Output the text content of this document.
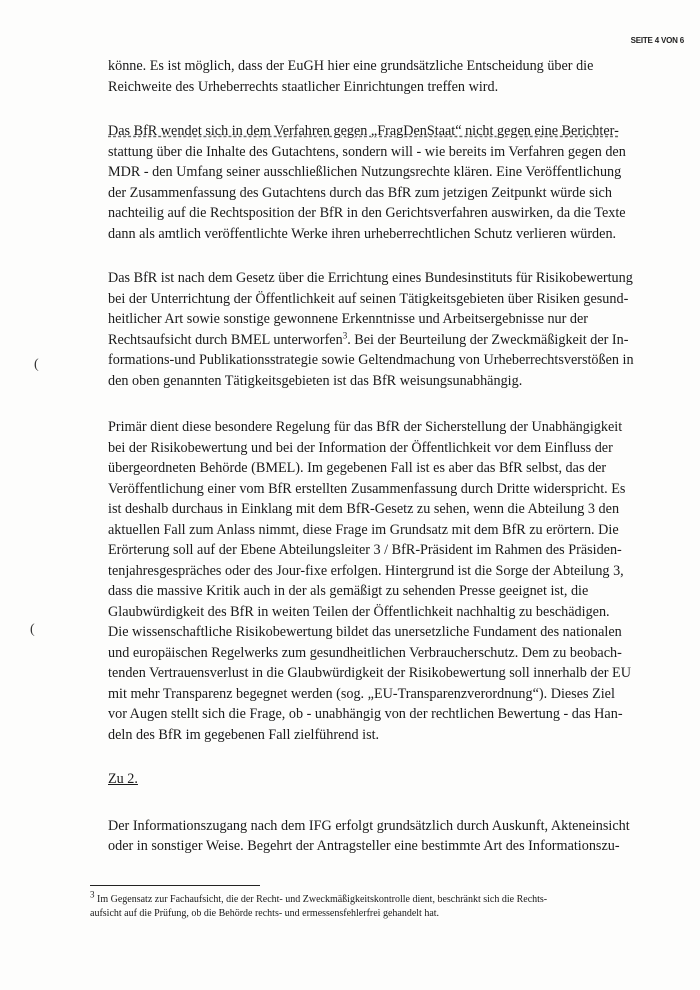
SEITE 4 VON 6
(
(
könne. Es ist möglich, dass der EuGH hier eine grundsätzliche Entscheidung über die
Reichweite des Urheberrechts staatlicher Einrichtungen treffen wird.
Das BfR wendet sich in dem Verfahren gegen „FragDenStaat“ nicht gegen eine Berichter-
stattung über die Inhalte des Gutachtens, sondern will - wie bereits im Verfahren gegen den
MDR - den Umfang seiner ausschließlichen Nutzungsrechte klären. Eine Veröffentlichung
der Zusammenfassung des Gutachtens durch das BfR zum jetzigen Zeitpunkt würde sich
nachteilig auf die Rechtsposition der BfR in den Gerichtsverfahren auswirken, da die Texte
dann als amtlich veröffentlichte Werke ihren urheberrechtlichen Schutz verlieren würden.
Das BfR ist nach dem Gesetz über die Errichtung eines Bundesinstituts für Risikobewertung
bei der Unterrichtung der Öffentlichkeit auf seinen Tätigkeitsgebieten über Risiken gesund-
heitlicher Art sowie sonstige gewonnene Erkenntnisse und Arbeitsergebnisse nur der
Rechtsaufsicht durch BMEL unterworfen$^3$. Bei der Beurteilung der Zweckmäßigkeit der In-
formations-und Publikationsstrategie sowie Geltendmachung von Urheberrechtsverstößen in
den oben genannten Tätigkeitsgebieten ist das BfR weisungsunabhängig.
Primär dient diese besondere Regelung für das BfR der Sicherstellung der Unabhängigkeit
bei der Risikobewertung und bei der Information der Öffentlichkeit vor dem Einfluss der
übergeordneten Behörde (BMEL). Im gegebenen Fall ist es aber das BfR selbst, das der
Veröffentlichung einer vom BfR erstellten Zusammenfassung durch Dritte widerspricht. Es
ist deshalb durchaus in Einklang mit dem BfR-Gesetz zu sehen, wenn die Abteilung 3 den
aktuellen Fall zum Anlass nimmt, diese Frage im Grundsatz mit dem BfR zu erörtern. Die
Erörterung soll auf der Ebene Abteilungsleiter 3 / BfR-Präsident im Rahmen des Präsiden-
tenjahresgespräches oder des Jour-fixe erfolgen. Hintergrund ist die Sorge der Abteilung 3,
dass die massive Kritik auch in der als gemäßigt zu sehenden Presse geeignet ist, die
Glaubwürdigkeit des BfR in weiten Teilen der Öffentlichkeit nachhaltig zu beschädigen.
Die wissenschaftliche Risikobewertung bildet das unersetzliche Fundament des nationalen
und europäischen Regelwerks zum gesundheitlichen Verbraucherschutz. Dem zu beobach-
tenden Vertrauensverlust in die Glaubwürdigkeit der Risikobewertung soll innerhalb der EU
mit mehr Transparenz begegnet werden (sog. „EU-Transparenzverordnung“). Dieses Ziel
vor Augen stellt sich die Frage, ob - unabhängig von der rechtlichen Bewertung - das Han-
deln des BfR im gegebenen Fall zielführend ist.
Zu 2.
Der Informationszugang nach dem IFG erfolgt grundsätzlich durch Auskunft, Akteneinsicht
oder in sonstiger Weise. Begehrt der Antragsteller eine bestimmte Art des Informationszu-
$^3$ Im Gegensatz zur Fachaufsicht, die der Recht- und Zweckmäßigkeitskontrolle dient, beschränkt sich die Rechts-
aufsicht auf die Prüfung, ob die Behörde rechts- und ermessensfehlerfrei gehandelt hat.
